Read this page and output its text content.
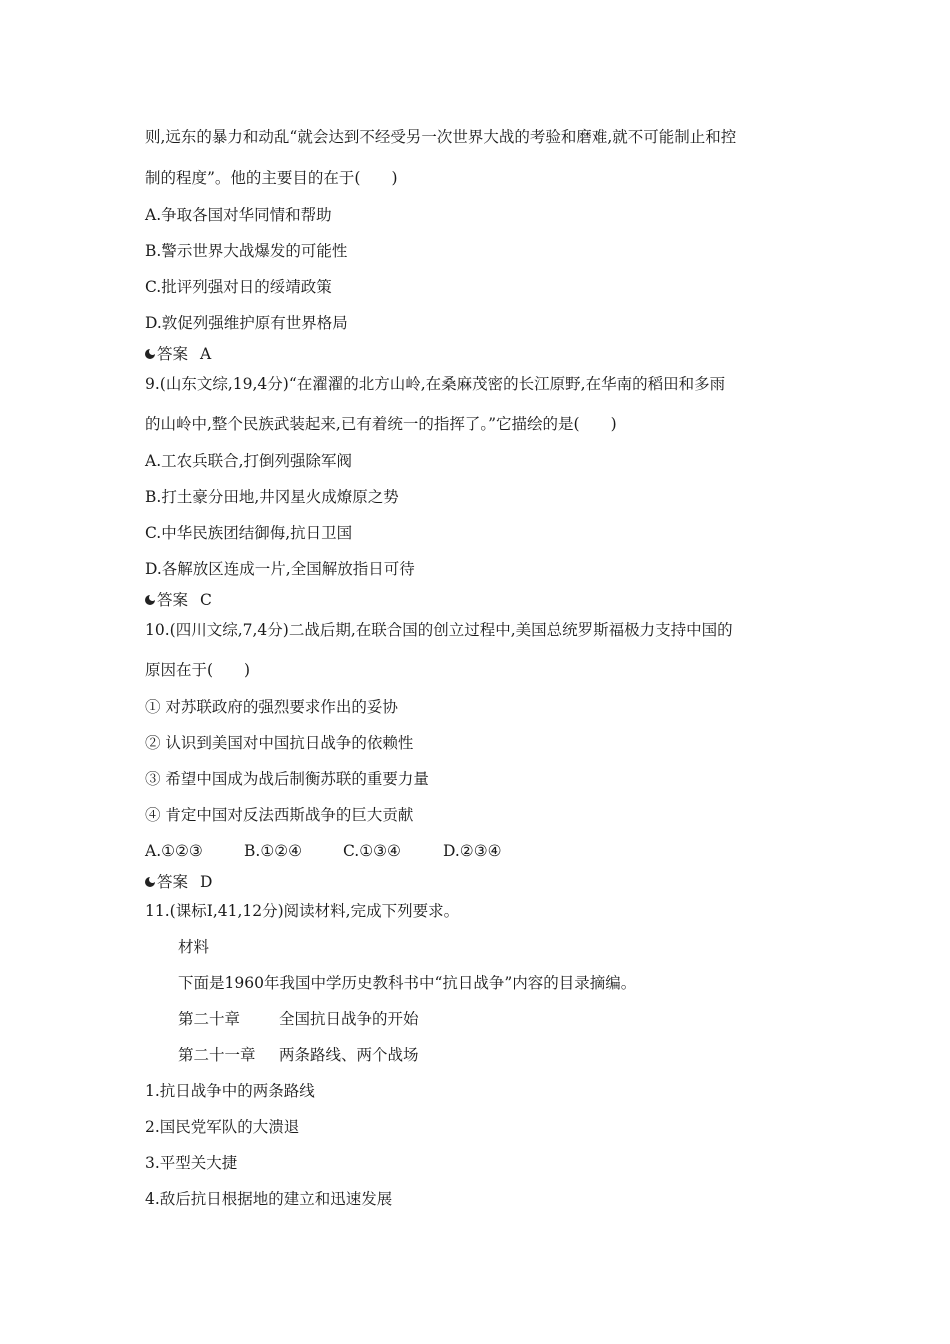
则,远东的暴力和动乱“就会达到不经受另一次世界大战的考验和磨难,就不可能制止和控
制的程度”。他的主要目的在于(　　)
A.争取各国对华同情和帮助
B.警示世界大战爆发的可能性
C.批评列强对日的绥靖政策
D.敦促列强维护原有世界格局
答案 A
9.(山东文综,19,4分)“在濯濯的北方山岭,在桑麻茂密的长江原野,在华南的稻田和多雨
的山岭中,整个民族武装起来,已有着统一的指挥了。”它描绘的是(　　)
A.工农兵联合,打倒列强除军阀
B.打土豪分田地,井冈星火成燎原之势
C.中华民族团结御侮,抗日卫国
D.各解放区连成一片,全国解放指日可待
答案 C
10.(四川文综,7,4分)二战后期,在联合国的创立过程中,美国总统罗斯福极力支持中国的
原因在于(　　)
① 对苏联政府的强烈要求作出的妥协
② 认识到美国对中国抗日战争的依赖性
③ 希望中国成为战后制衡苏联的重要力量
④ 肯定中国对反法西斯战争的巨大贡献
A.①②③	B.①②④	C.①③④	D.②③④
答案 D
11.(课标Ⅰ,41,12分)阅读材料,完成下列要求。
材料
下面是1960年我国中学历史教科书中“抗日战争”内容的目录摘编。
第二十章	全国抗日战争的开始
第二十一章 两条路线、两个战场
1.抗日战争中的两条路线
2.国民党军队的大溃退
3.平型关大捷
4.敌后抗日根据地的建立和迅速发展
